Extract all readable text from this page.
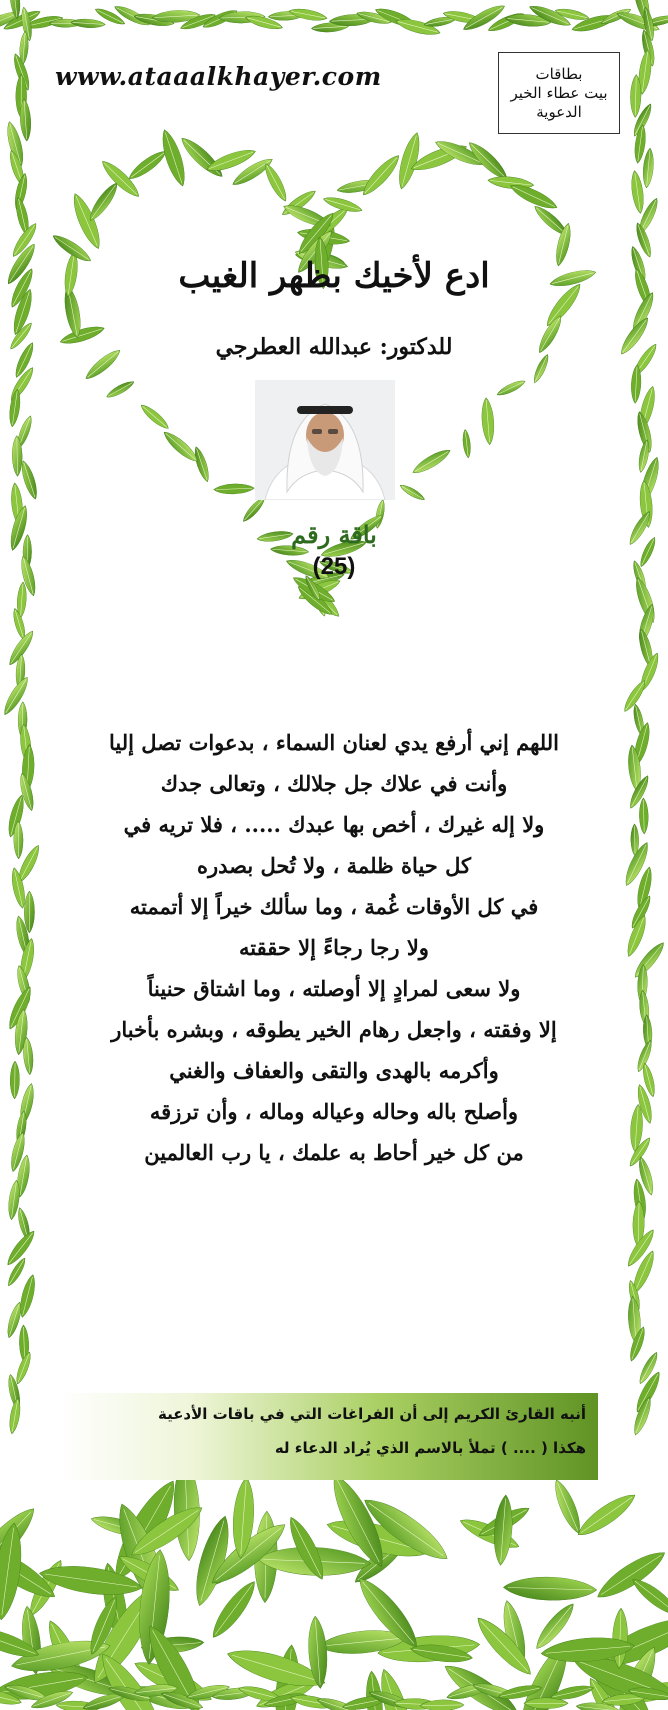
www.ataaalkhayer.com	بطاقات
بيت عطاء الخير
الدعوية
ادع لأخيك بظهر الغيب
للدكتور: عبدالله العطرجي
باقة رقم
(25)
اللهم إني أرفع يدي لعنان السماء ، بدعوات تصل إليا
وأنت في علاك جل جلالك ، وتعالى جدك
ولا إله غيرك ، أخص بها عبدك ..... ، فلا تريه في
كل حياة ظلمة ، ولا تُحل بصدره
في كل الأوقات غُمة ، وما سألك خيراً إلا أتممته
ولا رجا رجاءً إلا حققته
ولا سعى لمرادٍ إلا أوصلته ، وما اشتاق حنيناً
إلا وفقته ، واجعل رهام الخير يطوقه ، وبشره بأخبار
وأكرمه بالهدى والتقى والعفاف والغني
وأصلح باله وحاله وعياله وماله ، وأن ترزقه
من كل خير أحاط به علمك ، يا رب العالمين
أنبه القارئ الكريم إلى أن الفراغات التي في باقات الأدعية
هكذا ( .... ) تملأ بالاسم الذي يُراد الدعاء له
